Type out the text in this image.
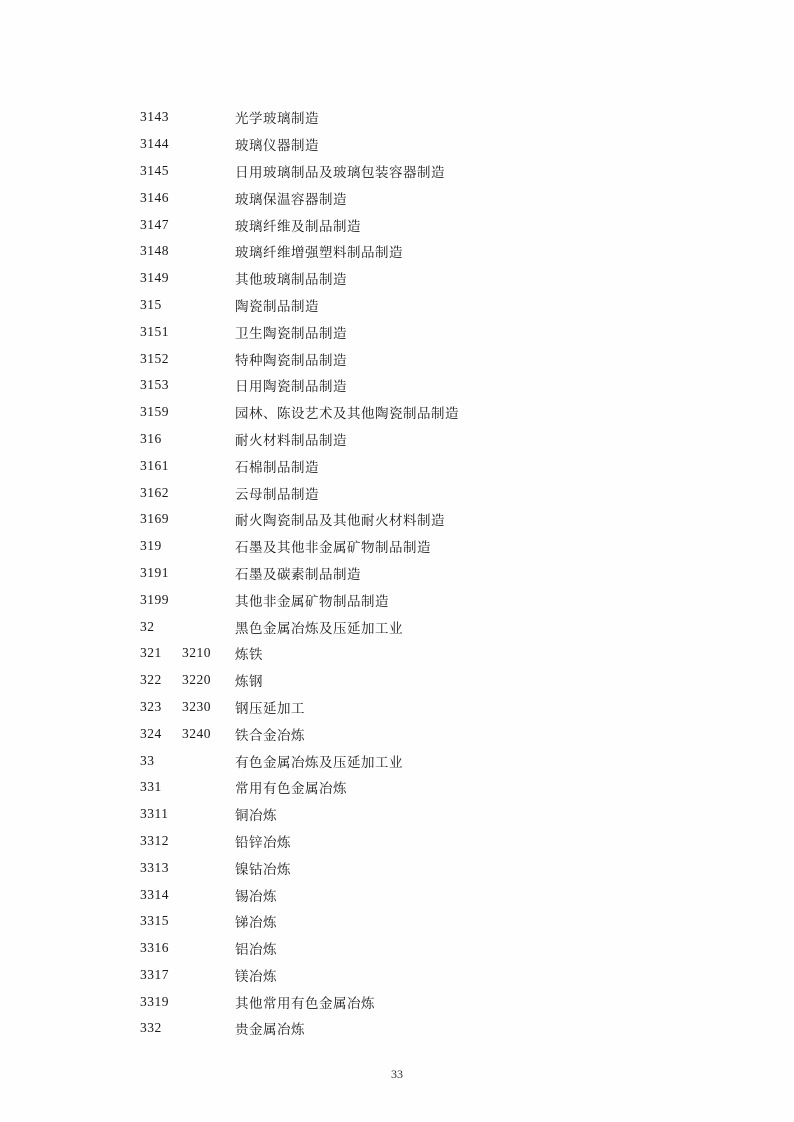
3143	光学玻璃制造
3144	玻璃仪器制造
3145	日用玻璃制品及玻璃包装容器制造
3146	玻璃保温容器制造
3147	玻璃纤维及制品制造
3148	玻璃纤维增强塑料制品制造
3149	其他玻璃制品制造
315	陶瓷制品制造
3151	卫生陶瓷制品制造
3152	特种陶瓷制品制造
3153	日用陶瓷制品制造
3159	园林、陈设艺术及其他陶瓷制品制造
316	耐火材料制品制造
3161	石棉制品制造
3162	云母制品制造
3169	耐火陶瓷制品及其他耐火材料制造
319	石墨及其他非金属矿物制品制造
3191	石墨及碳素制品制造
3199	其他非金属矿物制品制造
32	黑色金属冶炼及压延加工业
321	3210	炼铁
322	3220	炼钢
323	3230	钢压延加工
324	3240	铁合金冶炼
33	有色金属冶炼及压延加工业
331	常用有色金属冶炼
3311	铜冶炼
3312	铅锌冶炼
3313	镍钴冶炼
3314	锡冶炼
3315	锑冶炼
3316	铝冶炼
3317	镁冶炼
3319	其他常用有色金属冶炼
332	贵金属冶炼
33
